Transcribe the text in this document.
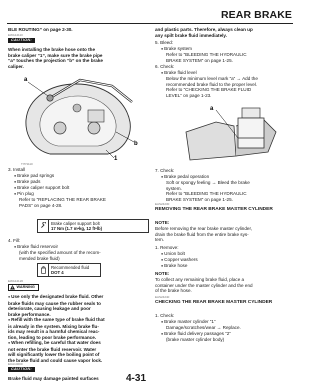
REAR BRAKE
BLE ROUTING” on page 2-30.
EWA14110
CAUTION:
When installing the brake hose onto the
brake caliper “1”, make sure the brake pipe
“a” touches the projection “b” on the brake
caliper.
a
b
1
T7P1110
3. Install
● Brake pad springs
● Brake pads
● Brake caliper support bolt
● Pin plug
Refer to “REPLACING THE REAR BRAKE
PADS” on page 4-28.
Brake caliper support bolt
17 Nm (1.7 m•kg, 12 ft•lb)
4. Fill:
● Brake fluid reservoir
(with the specified amount of the recom-
mended brake fluid)
Recommended fluid
DOT 4
EWA14120
WARNING
● Use only the designated brake fluid. Other
brake fluids may cause the rubber seals to
deteriorate, causing leakage and poor
brake performance.
● Refill with the same type of brake fluid that
is already in the system. Mixing brake flu-
ids may result in a harmful chemical reac-
tion, leading to poor brake performance.
● When refilling, be careful that water does
not enter the brake fluid reservoir. Water
will significantly lower the boiling point of
the brake fluid and could cause vapor lock.
ECA14000
CAUTION:
Brake fluid may damage painted surfaces	4-31
and plastic parts. Therefore, always clean up
any spilt brake fluid immediately.
5. Bleed:
● Brake system
Refer to “BLEEDING THE HYDRAULIC
BRAKE SYSTEM” on page 1-25.
6. Check:
● Brake fluid level
Below the minimum level mark “a” → Add the
recommended brake fluid to the proper level.
Refer to “CHECKING THE BRAKE FLUID
LEVEL” on page 1-23.
a
7. Check:
● Brake pedal operation
Soft or spongy feeling → Bleed the brake
system.
Refer to “BLEEDING THE HYDRAULIC
BRAKE SYSTEM” on page 1-25.
EAS24230
REMOVING THE REAR BRAKE MASTER CYLINDER
NOTE:
Before removing the rear brake master cylinder,
drain the brake fluid from the entire brake sys-
tem.
1. Remove:
● Union bolt
● Copper washers
● Brake hose
NOTE:
To collect any remaining brake fluid, place a
container under the master cylinder and the end
of the brake hose.
EAS24240
CHECKING THE REAR BRAKE MASTER CYLINDER
1. Check:
● Brake master cylinder “1”
Damage/scratches/wear → Replace.
● Brake fluid delivery passages “2”
(brake master cylinder body)
